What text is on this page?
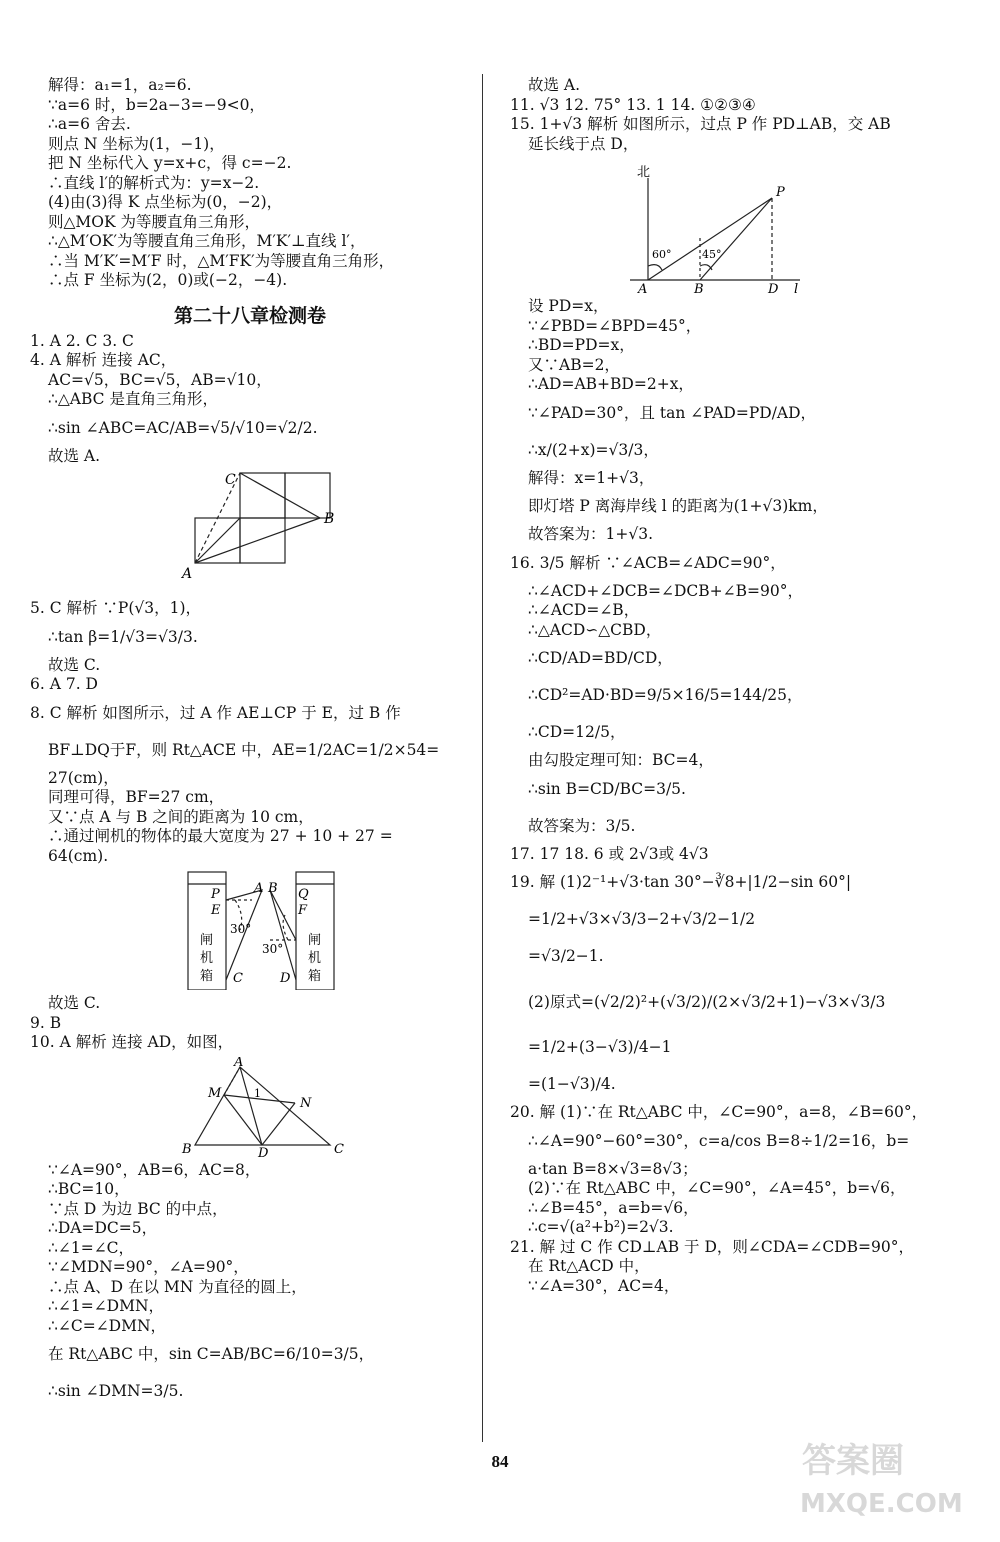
解得：a₁=1，a₂=6.
∵a=6 时，b=2a−3=−9<0，
∴a=6 舍去.
则点 N 坐标为(1，−1)，
把 N 坐标代入 y=x+c，得 c=−2.
∴直线 l′的解析式为：y=x−2.
(4)由(3)得 K 点坐标为(0，−2)，
则△MOK 为等腰直角三角形，
∴△M′OK′为等腰直角三角形，M′K′⊥直线 l′，
∴当 M′K′=M′F 时，△M′FK′为等腰直角三角形，
∴点 F 坐标为(2，0)或(−2，−4).
第二十八章检测卷
1. A 2. C 3. C
4. A 解析 连接 AC，
AC=√5，BC=√5，AB=√10，
∴△ABC 是直角三角形，
∴sin ∠ABC=AC/AB=√5/√10=√2/2.
故选 A.
C
B
A
5. C 解析 ∵P(√3，1)，
∴tan β=1/√3=√3/3.
故选 C.
6. A 7. D
8. C 解析 如图所示，过 A 作 AE⊥CP 于 E，过 B 作
BF⊥DQ于F，则 Rt△ACE 中，AE=1/2AC=1/2×54=
27(cm)，
同理可得，BF=27 cm，
又∵点 A 与 B 之间的距离为 10 cm，
∴通过闸机的物体的最大宽度为 27 + 10 + 27 =
64(cm).
P
E
A B Q
F
30°
30°
C	D
闸
机
箱
闸
机
箱
故选 C.
9. B
10. A 解析 连接 AD，如图，
A
M
N
1
B	D	C
∵∠A=90°，AB=6，AC=8，
∴BC=10，
∵点 D 为边 BC 的中点，
∴DA=DC=5，
∴∠1=∠C，
∵∠MDN=90°，∠A=90°，
∴点 A、D 在以 MN 为直径的圆上，
∴∠1=∠DMN，
∴∠C=∠DMN，
在 Rt△ABC 中，sin C=AB/BC=6/10=3/5，
∴sin ∠DMN=3/5.
故选 A.
11. √3 12. 75° 13. 1 14. ①②③④
15. 1+√3 解析 如图所示，过点 P 作 PD⊥AB，交 AB
延长线于点 D，
北
P
60°	45°
A	B	D l
设 PD=x，
∵∠PBD=∠BPD=45°，
∴BD=PD=x，
又∵AB=2，
∴AD=AB+BD=2+x，
∵∠PAD=30°，且 tan ∠PAD=PD/AD，
∴x/(2+x)=√3/3，
解得：x=1+√3，
即灯塔 P 离海岸线 l 的距离为(1+√3)km，
故答案为：1+√3.
16. 3/5 解析 ∵∠ACB=∠ADC=90°，
∴∠ACD+∠DCB=∠DCB+∠B=90°，
∴∠ACD=∠B，
∴△ACD∽△CBD，
∴CD/AD=BD/CD，
∴CD²=AD·BD=9/5×16/5=144/25，
∴CD=12/5，
由勾股定理可知：BC=4，
∴sin B=CD/BC=3/5.
故答案为：3/5.
17. 17 18. 6 或 2√3或 4√3
19. 解 (1)2⁻¹+√3·tan 30°−∛8+|1/2−sin 60°|
=1/2+√3×√3/3−2+√3/2−1/2
=√3/2−1.
(2)原式=(√2/2)²+(√3/2)/(2×√3/2+1)−√3×√3/3
=1/2+(3−√3)/4−1
=(1−√3)/4.
20. 解 (1)∵在 Rt△ABC 中，∠C=90°，a=8，∠B=60°，
∴∠A=90°−60°=30°，c=a/cos B=8÷1/2=16，b=
a·tan B=8×√3=8√3；
(2)∵在 Rt△ABC 中，∠C=90°，∠A=45°，b=√6，
∴∠B=45°，a=b=√6，
∴c=√(a²+b²)=2√3.
21. 解 过 C 作 CD⊥AB 于 D，则∠CDA=∠CDB=90°，
在 Rt△ACD 中，
∵∠A=30°，AC=4，
84	答案圈
MXQE.COM
